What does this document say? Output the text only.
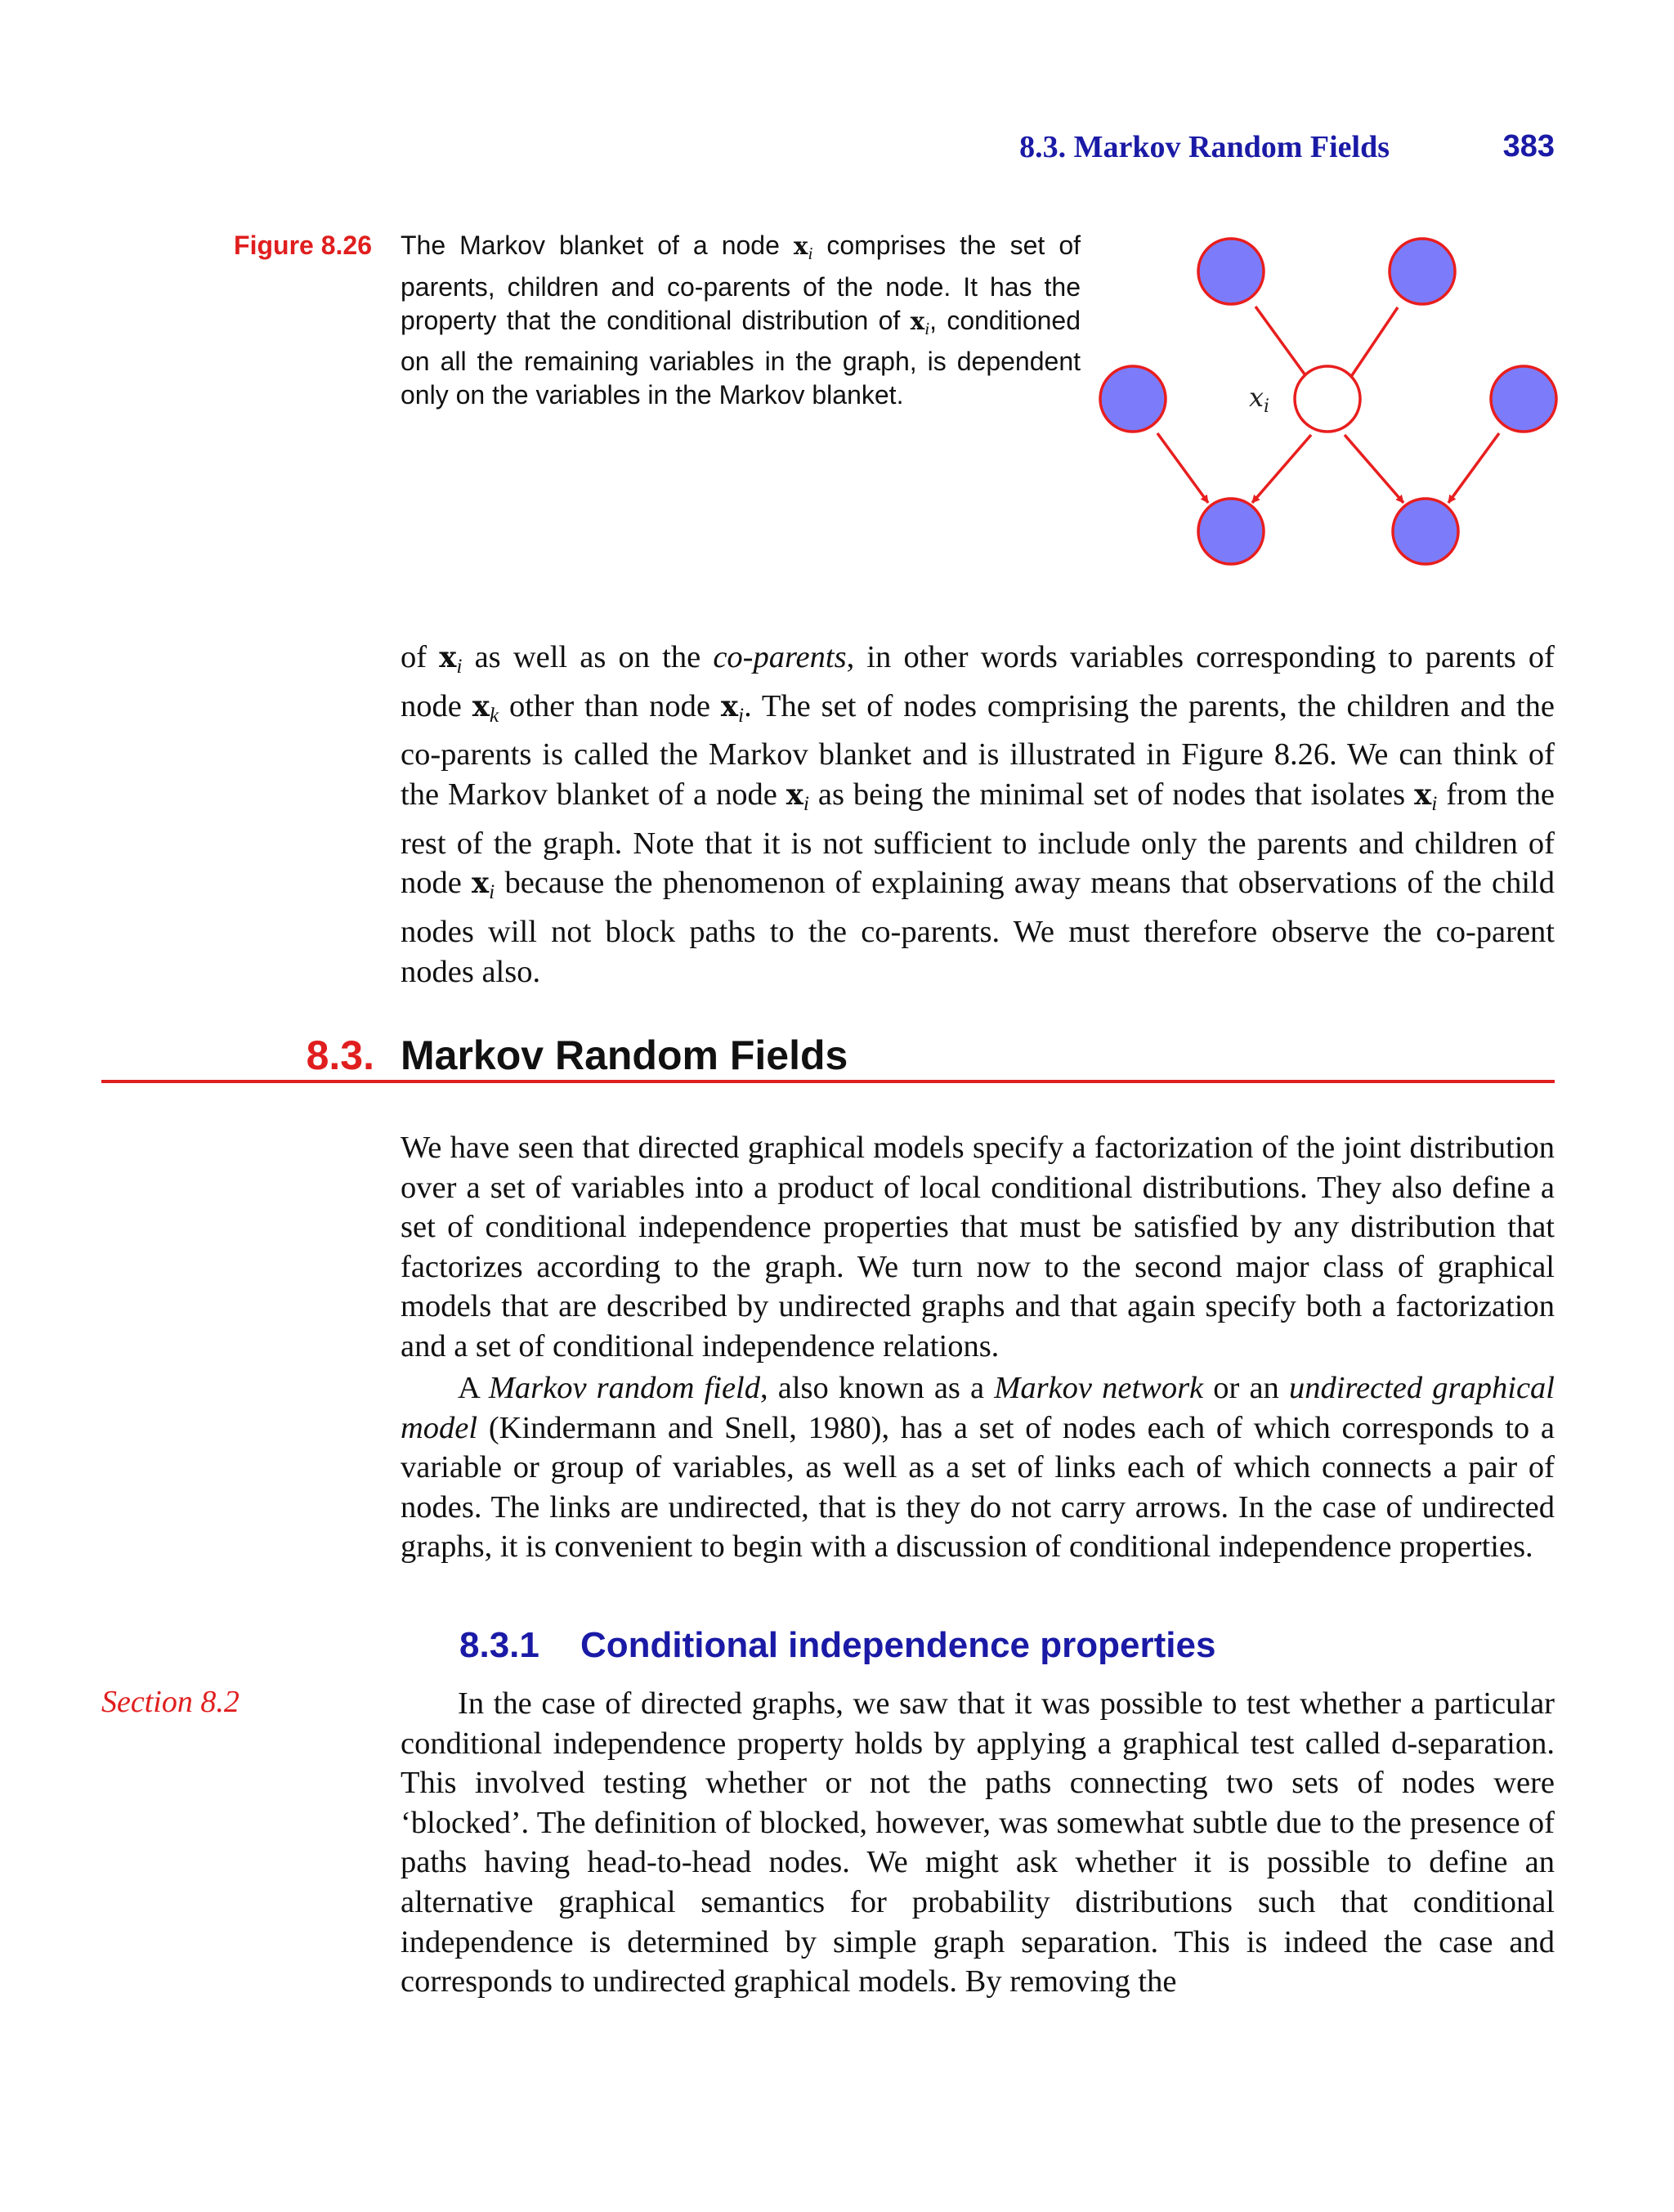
8.3. Markov Random Fields	383
Figure 8.26 The Markov blanket of a node $x_i$ comprises the set of parents, children and co-parents of the node. It has the property that the conditional distribution of $x_i$, conditioned on all the remaining variables in the graph, is dependent only on the variables in the Markov blanket.	$x_i$

of $x_i$ as well as on the co-parents, in other words variables corresponding to parents of node $x_k$ other than node $x_i$. The set of nodes comprising the parents, the children and the co-parents is called the Markov blanket and is illustrated in Figure 8.26. We can think of the Markov blanket of a node $x_i$ as being the minimal set of nodes that isolates $x_i$ from the rest of the graph. Note that it is not sufficient to include only the parents and children of node $x_i$ because the phenomenon of explaining away means that observations of the child nodes will not block paths to the co-parents. We must therefore observe the co-parent nodes also.

8.3. Markov Random Fields

We have seen that directed graphical models specify a factorization of the joint distribution over a set of variables into a product of local conditional distributions. They also define a set of conditional independence properties that must be satisfied by any distribution that factorizes according to the graph. We turn now to the second major class of graphical models that are described by undirected graphs and that again specify both a factorization and a set of conditional independence relations.

A Markov random field, also known as a Markov network or an undirected graphical model (Kindermann and Snell, 1980), has a set of nodes each of which corresponds to a variable or group of variables, as well as a set of links each of which connects a pair of nodes. The links are undirected, that is they do not carry arrows. In the case of undirected graphs, it is convenient to begin with a discussion of conditional independence properties.

8.3.1	Conditional independence properties
Section 8.2	In the case of directed graphs, we saw that it was possible to test whether a particular conditional independence property holds by applying a graphical test called d-separation. This involved testing whether or not the paths connecting two sets of nodes were ‘blocked’. The definition of blocked, however, was somewhat subtle due to the presence of paths having head-to-head nodes. We might ask whether it is possible to define an alternative graphical semantics for probability distributions such that conditional independence is determined by simple graph separation. This is indeed the case and corresponds to undirected graphical models. By removing the
